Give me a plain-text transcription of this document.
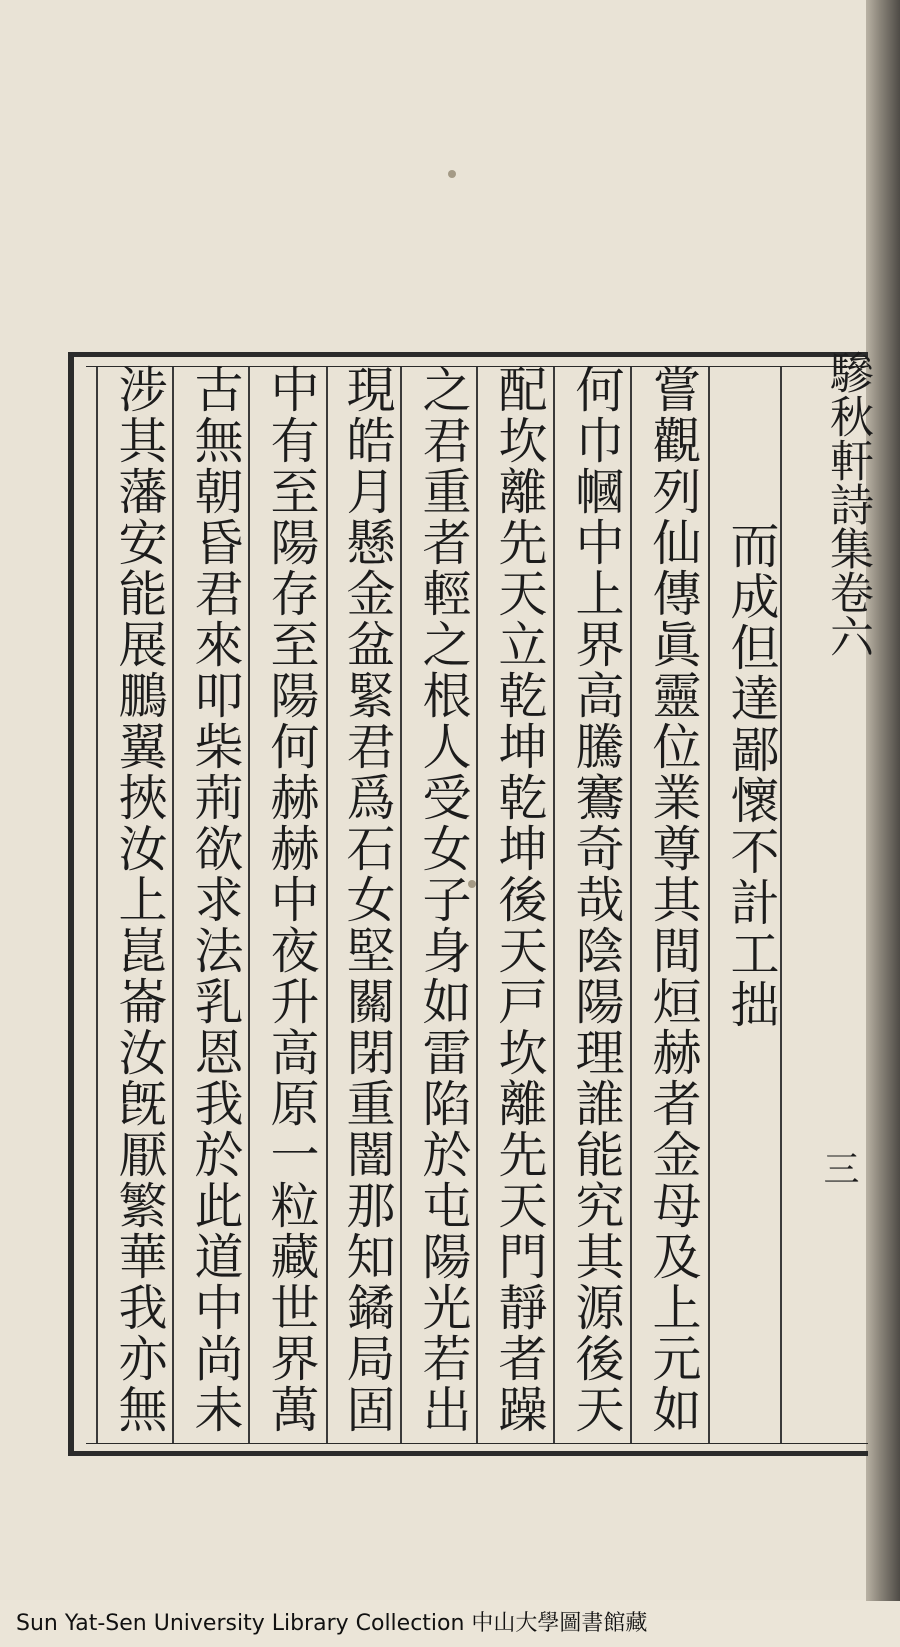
驂秋軒詩集卷六
三
而成但達鄙懷不計工拙
嘗觀列仙傳眞靈位業尊其間烜赫者金母及上元如
何巾幗中上界高騰鶱奇哉陰陽理誰能究其源後天
配坎離先天立乾坤乾坤後天戸坎離先天門靜者躁
之君重者輕之根人受女子身如雷陷於屯陽光若出
現皓月懸金盆緊君爲石女堅關閉重闇那知鐍局固
中有至陽存至陽何赫赫中夜升高原一粒藏世界萬
古無朝昏君來叩柴荊欲求法乳恩我於此道中尚未
涉其藩安能展鵬翼挾汝上崑崙汝旣厭繁華我亦無
Sun Yat-Sen University Library Collection 中山大學圖書館藏
